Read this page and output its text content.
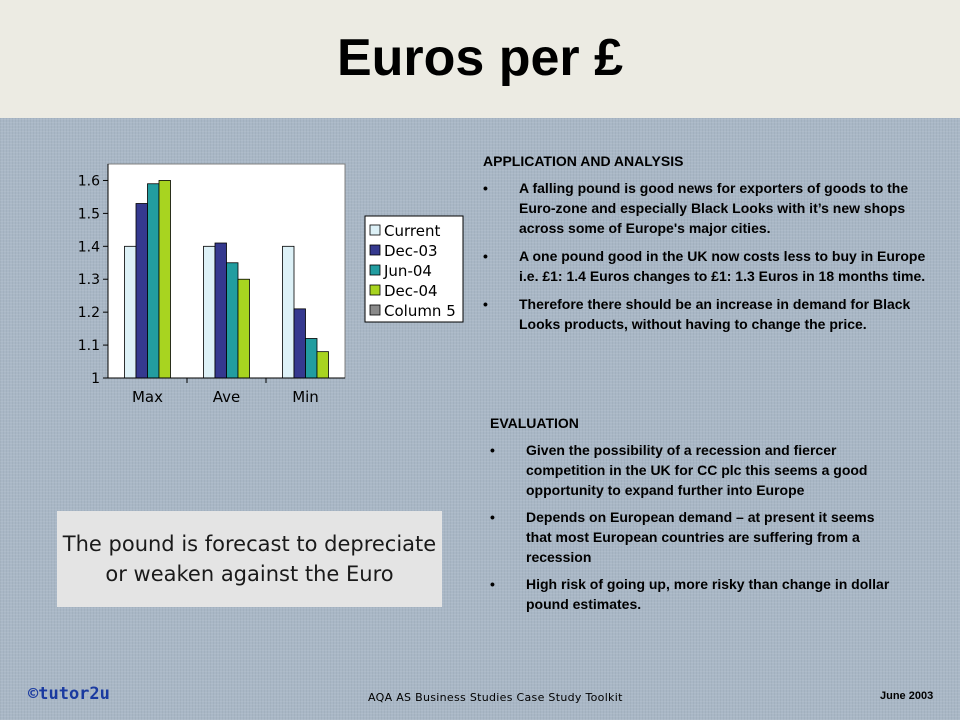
Euros per £
1.6
1.5
1.4
1.3
1.2
1.1
1
Max	Ave	Min
Current
Dec-03
Jun-04
Dec-04
Column 5
APPLICATION AND ANALYSIS
• A falling pound is good news for exporters of goods to the Euro-zone and especially Black Looks with it’s new shops across some of Europe's major cities.
• A one pound good in the UK now costs less to buy in Europe i.e. £1: 1.4 Euros changes to £1: 1.3 Euros in 18 months time.
• Therefore there should be an increase in demand for Black Looks products, without having to change the price.
EVALUATION
• Given the possibility of a recession and fiercer competition in the UK for CC plc this seems a good opportunity to expand further into Europe
• Depends on European demand – at present it seems that most European countries are suffering from a recession
• High risk of going up, more risky than change in dollar pound estimates.
The pound is forecast to depreciate or weaken against the Euro
©tutor2u	AQA AS Business Studies Case Study Toolkit	June 2003
